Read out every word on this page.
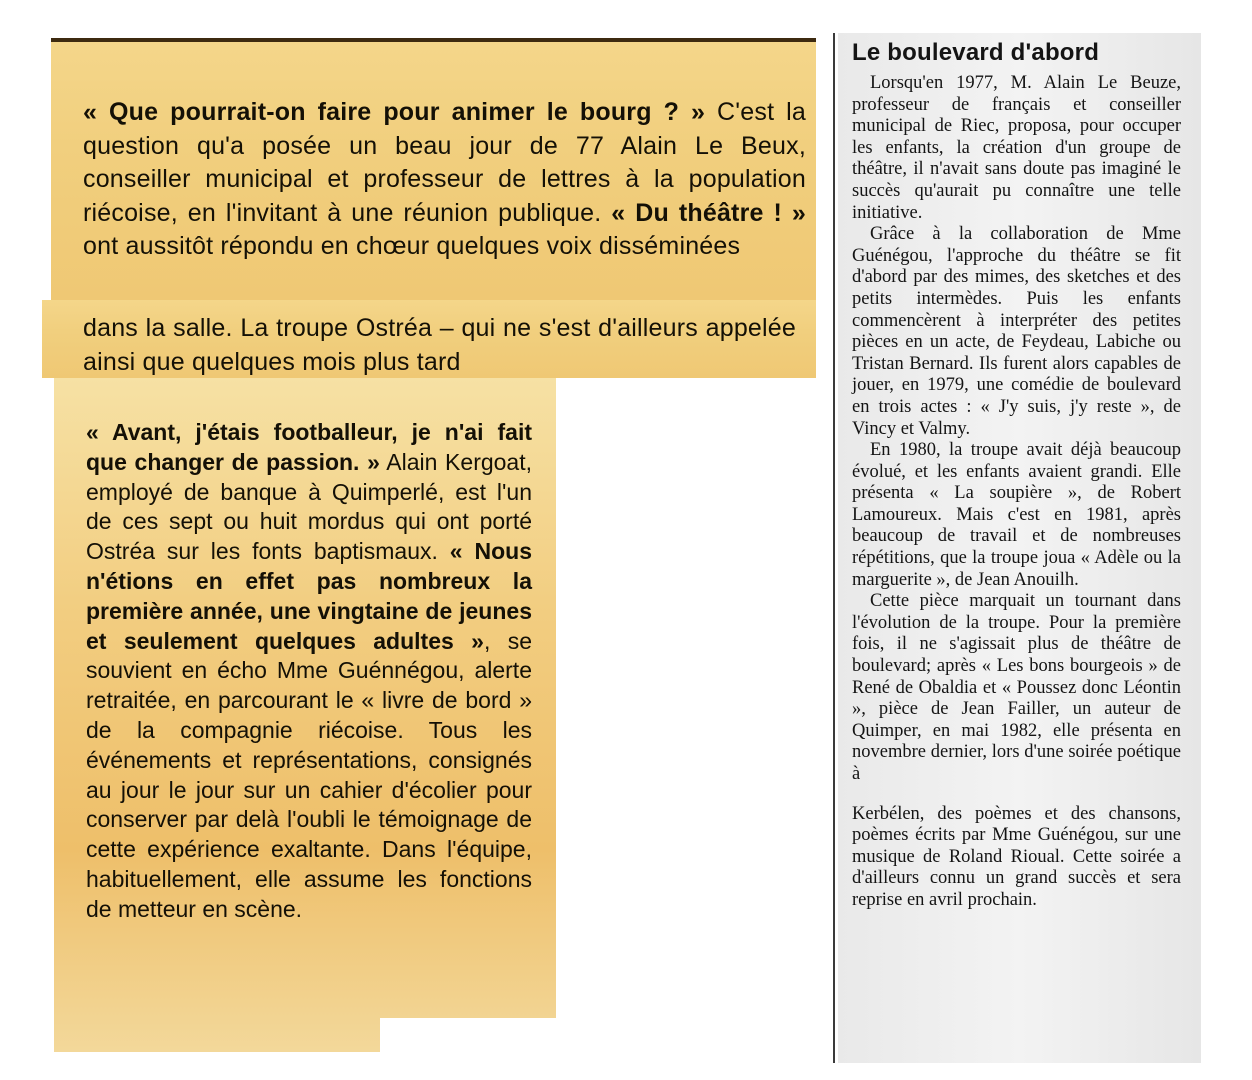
« Que pourrait-on faire pour animer le bourg ? » C'est la question qu'a posée un beau jour de 77 Alain Le Beux, conseiller municipal et professeur de lettres à la population riécoise, en l'invitant à une réunion publique. « Du théâtre ! » ont aussitôt répondu en chœur quelques voix disséminées

dans la salle. La troupe Ostréa – qui ne s'est d'ailleurs appelée ainsi que quelques mois plus tard

« Avant, j'étais footballeur, je n'ai fait que changer de passion. » Alain Kergoat, employé de banque à Quimperlé, est l'un de ces sept ou huit mordus qui ont porté Ostréa sur les fonts baptismaux. « Nous n'étions en effet pas nombreux la première année, une vingtaine de jeunes et seulement quelques adultes », se souvient en écho Mme Guénnégou, alerte retraitée, en parcourant le « livre de bord » de la compagnie riécoise. Tous les événements et représentations, consignés au jour le jour sur un cahier d'écolier pour conserver par delà l'oubli le témoignage de cette expérience exaltante. Dans l'équipe, habituellement, elle assume les fonctions de metteur en scène.

Le boulevard d'abord

Lorsqu'en 1977, M. Alain Le Beuze, professeur de français et conseiller municipal de Riec, proposa, pour occuper les enfants, la création d'un groupe de théâtre, il n'avait sans doute pas imaginé le succès qu'aurait pu connaître une telle initiative.

Grâce à la collaboration de Mme Guénégou, l'approche du théâtre se fit d'abord par des mimes, des sketches et des petits intermèdes. Puis les enfants commencèrent à interpréter des petites pièces en un acte, de Feydeau, Labiche ou Tristan Bernard. Ils furent alors capables de jouer, en 1979, une comédie de boulevard en trois actes : « J'y suis, j'y reste », de Vincy et Valmy.

En 1980, la troupe avait déjà beaucoup évolué, et les enfants avaient grandi. Elle présenta « La soupière », de Robert Lamoureux. Mais c'est en 1981, après beaucoup de travail et de nombreuses répétitions, que la troupe joua « Adèle ou la marguerite », de Jean Anouilh.

Cette pièce marquait un tournant dans l'évolution de la troupe. Pour la première fois, il ne s'agissait plus de théâtre de boulevard; après « Les bons bourgeois » de René de Obaldia et « Poussez donc Léontin », pièce de Jean Failler, un auteur de Quimper, en mai 1982, elle présenta en novembre dernier, lors d'une soirée poétique à

Kerbélen, des poèmes et des chansons, poèmes écrits par Mme Guénégou, sur une musique de Roland Rioual. Cette soirée a d'ailleurs connu un grand succès et sera reprise en avril prochain.
